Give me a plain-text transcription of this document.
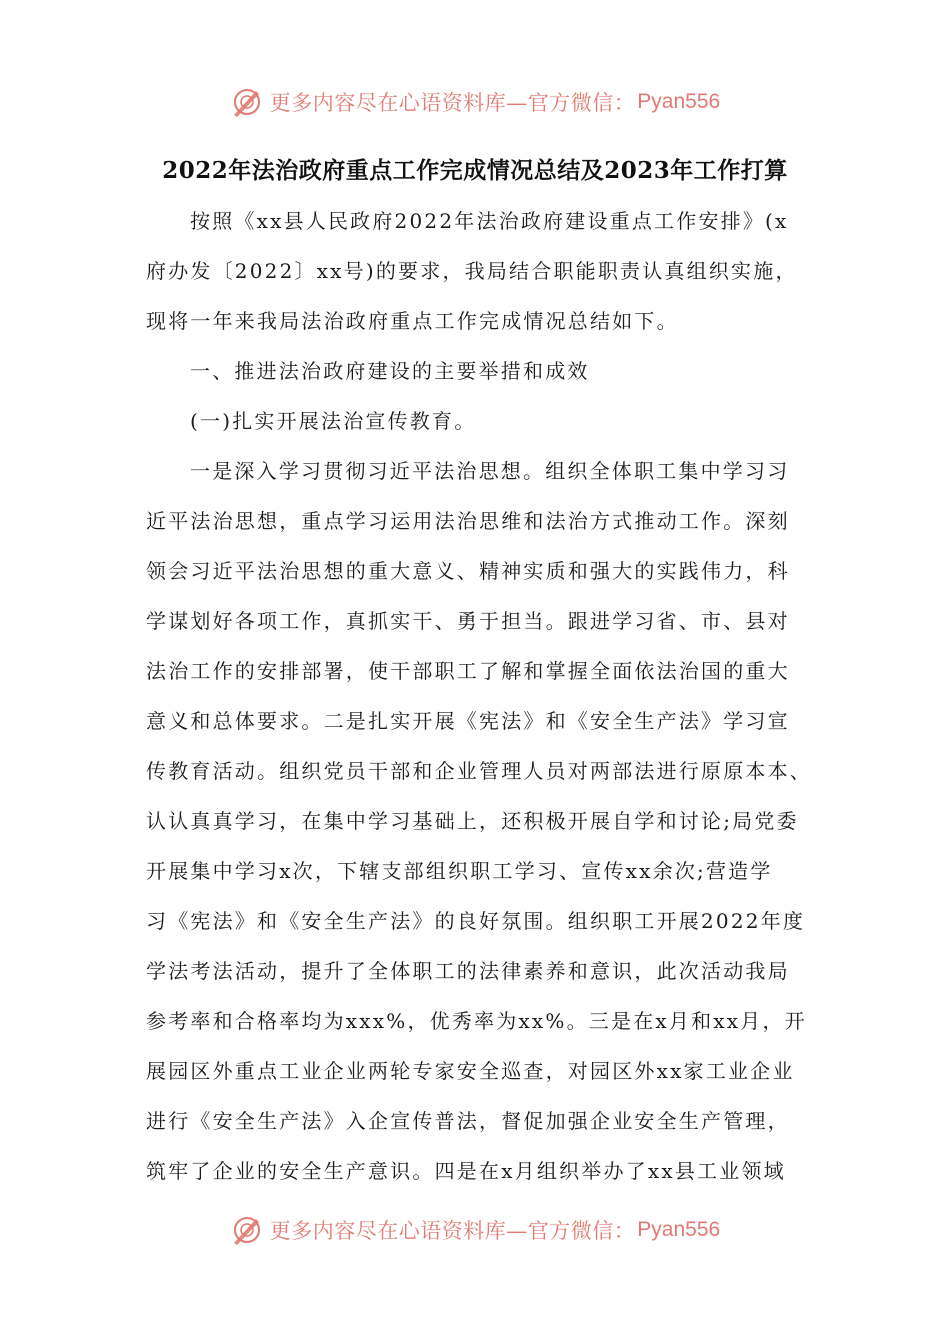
更多内容尽在心语资料库—官方微信： Pyan556
2022年法治政府重点工作完成情况总结及2023年工作打算
按照《xx县人民政府2022年法治政府建设重点工作安排》(x
府办发〔2022〕xx号)的要求，我局结合职能职责认真组织实施，
现将一年来我局法治政府重点工作完成情况总结如下。
一、推进法治政府建设的主要举措和成效
(一)扎实开展法治宣传教育。
一是深入学习贯彻习近平法治思想。组织全体职工集中学习习
近平法治思想，重点学习运用法治思维和法治方式推动工作。深刻
领会习近平法治思想的重大意义、精神实质和强大的实践伟力，科
学谋划好各项工作，真抓实干、勇于担当。跟进学习省、市、县对
法治工作的安排部署，使干部职工了解和掌握全面依法治国的重大
意义和总体要求。二是扎实开展《宪法》和《安全生产法》学习宣
传教育活动。组织党员干部和企业管理人员对两部法进行原原本本、
认认真真学习，在集中学习基础上，还积极开展自学和讨论;局党委
开展集中学习x次，下辖支部组织职工学习、宣传xx余次;营造学
习《宪法》和《安全生产法》的良好氛围。组织职工开展2022年度
学法考法活动，提升了全体职工的法律素养和意识，此次活动我局
参考率和合格率均为xxx%，优秀率为xx%。三是在x月和xx月，开
展园区外重点工业企业两轮专家安全巡查，对园区外xx家工业企业
进行《安全生产法》入企宣传普法，督促加强企业安全生产管理，
筑牢了企业的安全生产意识。四是在x月组织举办了xx县工业领域
更多内容尽在心语资料库—官方微信： Pyan556
